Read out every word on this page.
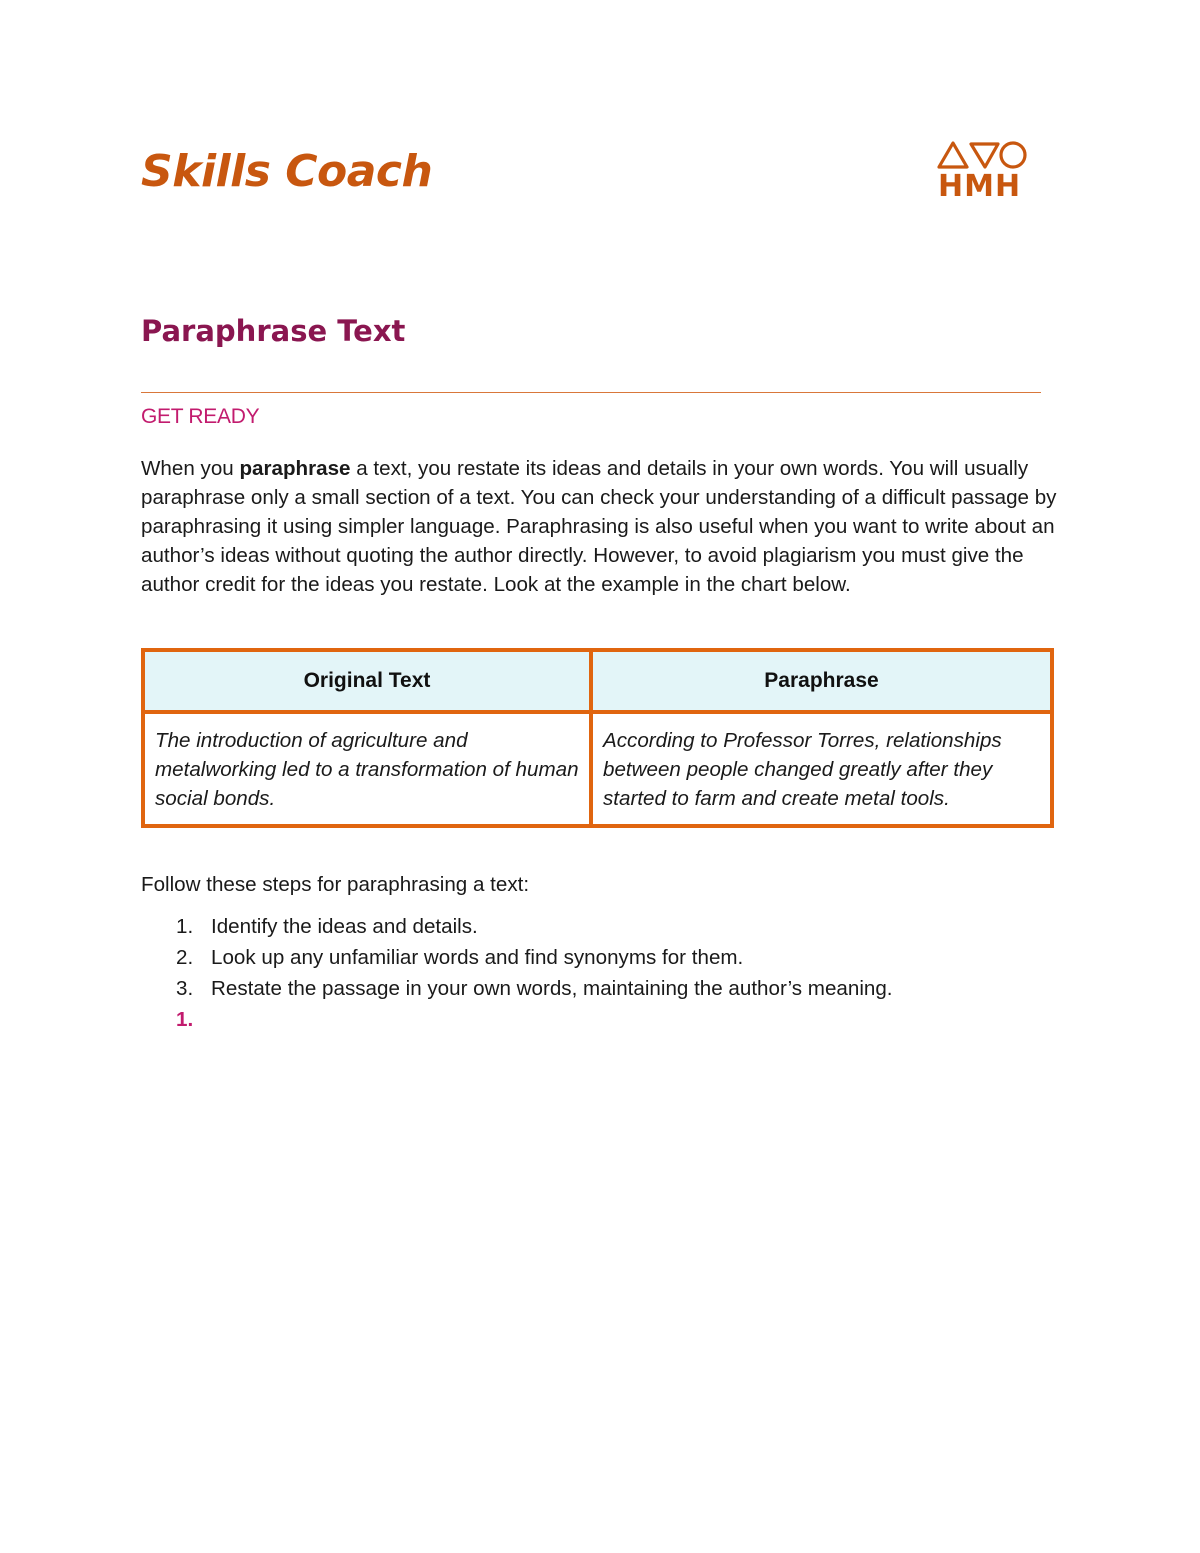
Skills Coach	HMH
Paraphrase Text
GET READY

When you paraphrase a text, you restate its ideas and details in your own words. You will usually paraphrase only a small section of a text. You can check your understanding of a difficult passage by paraphrasing it using simpler language. Paraphrasing is also useful when you want to write about an author’s ideas without quoting the author directly. However, to avoid plagiarism you must give the author credit for the ideas you restate. Look at the example in the chart below.

Original Text	Paraphrase
The introduction of agriculture and metalworking led to a transformation of human social bonds.	According to Professor Torres, relationships between people changed greatly after they started to farm and create metal tools.
Follow these steps for paraphrasing a text:
1. Identify the ideas and details.
2. Look up any unfamiliar words and find synonyms for them.
3. Restate the passage in your own words, maintaining the author’s meaning.
1.
